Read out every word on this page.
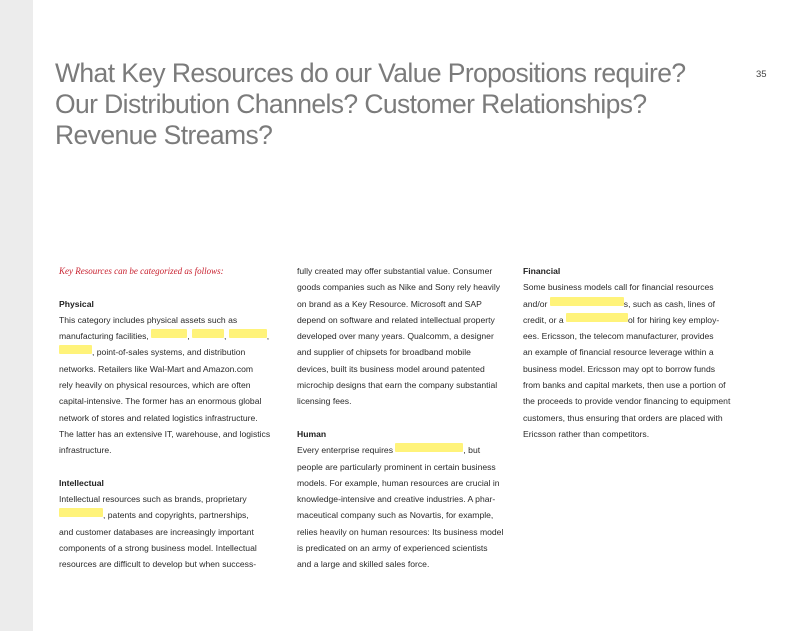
What Key Resources do our Value Propositions require?
Our Distribution Channels? Customer Relationships?
Revenue Streams?
35

Key Resources can be categorized as follows:

Physical

This category includes physical assets such as

manufacturing facilities,	,	,	,

, point-of-sales systems, and distribution

networks. Retailers like Wal-Mart and Amazon.com

rely heavily on physical resources, which are often

capital-intensive. The former has an enormous global

network of stores and related logistics infrastructure.

The latter has an extensive IT, warehouse, and logistics

infrastructure.

Intellectual

Intellectual resources such as brands, proprietary

, patents and copyrights, partnerships,

and customer databases are increasingly important

components of a strong business model. Intellectual

resources are difficult to develop but when success-

fully created may offer substantial value. Consumer

goods companies such as Nike and Sony rely heavily

on brand as a Key Resource. Microsoft and SAP

depend on software and related intellectual property

developed over many years. Qualcomm, a designer

and supplier of chipsets for broadband mobile

devices, built its business model around patented

microchip designs that earn the company substantial

licensing fees.

Human

Every enterprise requires	, but

people are particularly prominent in certain business

models. For example, human resources are crucial in

knowledge-intensive and creative industries. A phar-

maceutical company such as Novartis, for example,

relies heavily on human resources: Its business model

is predicated on an army of experienced scientists

and a large and skilled sales force.

Financial

Some business models call for financial resources

and/or	s, such as cash, lines of

credit, or a	ol for hiring key employ-

ees. Ericsson, the telecom manufacturer, provides

an example of financial resource leverage within a

business model. Ericsson may opt to borrow funds

from banks and capital markets, then use a portion of

the proceeds to provide vendor financing to equipment

customers, thus ensuring that orders are placed with

Ericsson rather than competitors.
